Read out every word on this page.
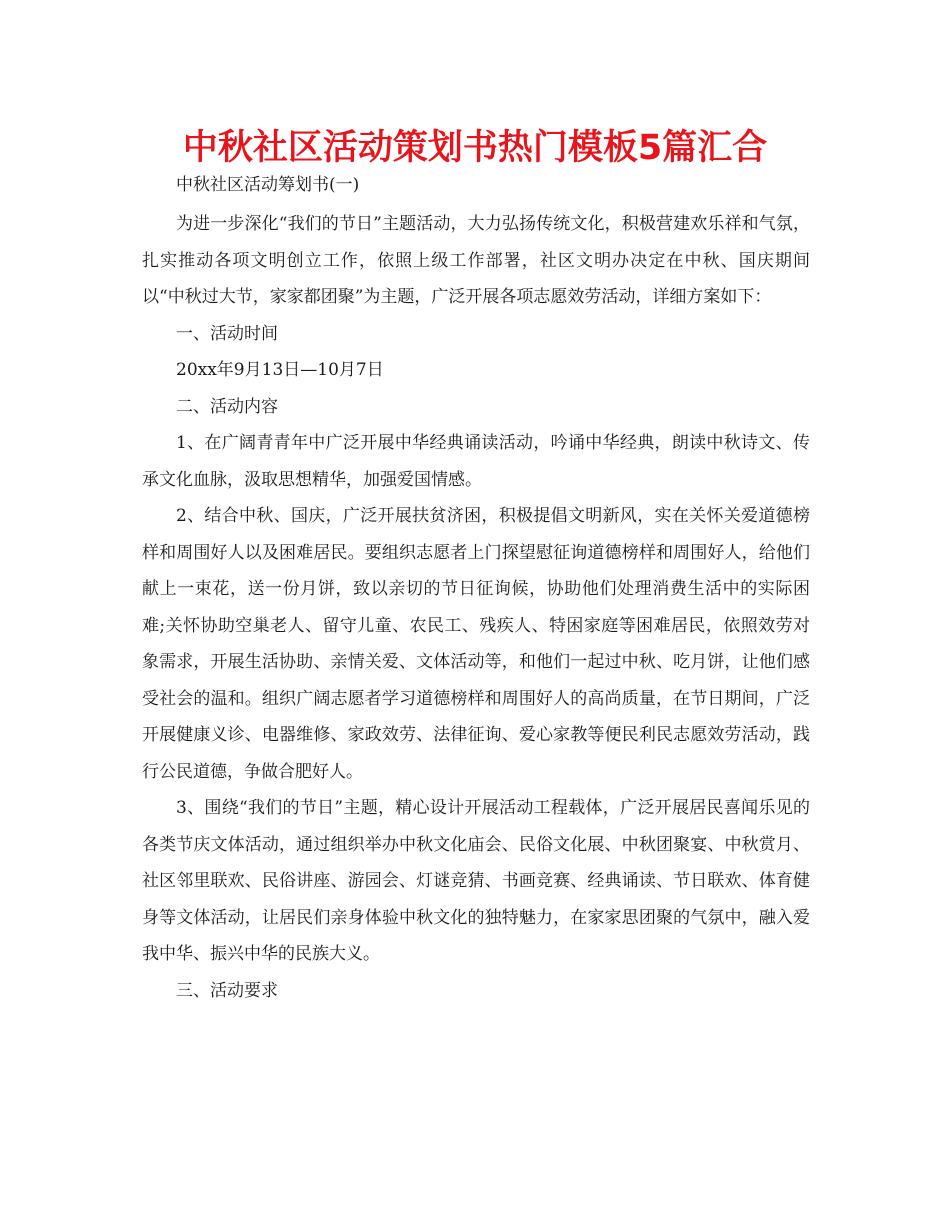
中秋社区活动策划书热门模板5篇汇合

中秋社区活动筹划书(一)

为进一步深化“我们的节日”主题活动，大力弘扬传统文化，积极营建欢乐祥和气氛，扎实推动各项文明创立工作，依照上级工作部署，社区文明办决定在中秋、国庆期间以“中秋过大节，家家都团聚”为主题，广泛开展各项志愿效劳活动，详细方案如下：

一、活动时间

20xx年9月13日—10月7日

二、活动内容

1、在广阔青青年中广泛开展中华经典诵读活动，吟诵中华经典，朗读中秋诗文、传承文化血脉，汲取思想精华，加强爱国情感。

2、结合中秋、国庆，广泛开展扶贫济困，积极提倡文明新风，实在关怀关爱道德榜样和周围好人以及困难居民。要组织志愿者上门探望慰征询道德榜样和周围好人，给他们献上一束花，送一份月饼，致以亲切的节日征询候，协助他们处理消费生活中的实际困难;关怀协助空巢老人、留守儿童、农民工、残疾人、特困家庭等困难居民，依照效劳对象需求，开展生活协助、亲情关爱、文体活动等，和他们一起过中秋、吃月饼，让他们感受社会的温和。组织广阔志愿者学习道德榜样和周围好人的高尚质量，在节日期间，广泛开展健康义诊、电器维修、家政效劳、法律征询、爱心家教等便民利民志愿效劳活动，践行公民道德，争做合肥好人。

3、围绕“我们的节日”主题，精心设计开展活动工程载体，广泛开展居民喜闻乐见的各类节庆文体活动，通过组织举办中秋文化庙会、民俗文化展、中秋团聚宴、中秋赏月、社区邻里联欢、民俗讲座、游园会、灯谜竞猜、书画竞赛、经典诵读、节日联欢、体育健身等文体活动，让居民们亲身体验中秋文化的独特魅力，在家家思团聚的气氛中，融入爱我中华、振兴中华的民族大义。

三、活动要求
